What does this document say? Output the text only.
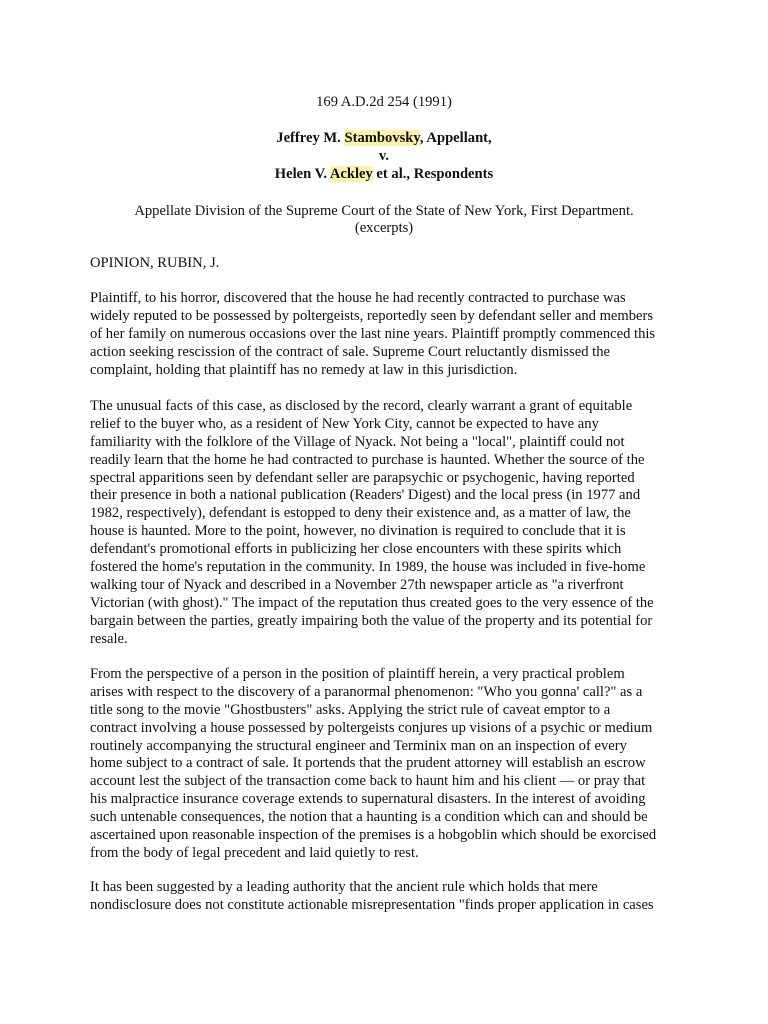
169 A.D.2d 254 (1991)
Jeffrey M. Stambovsky, Appellant,
v.
Helen V. Ackley et al., Respondents
Appellate Division of the Supreme Court of the State of New York, First Department.
(excerpts)
OPINION, RUBIN, J.
Plaintiff, to his horror, discovered that the house he had recently contracted to purchase was
widely reputed to be possessed by poltergeists, reportedly seen by defendant seller and members
of her family on numerous occasions over the last nine years. Plaintiff promptly commenced this
action seeking rescission of the contract of sale. Supreme Court reluctantly dismissed the
complaint, holding that plaintiff has no remedy at law in this jurisdiction.
The unusual facts of this case, as disclosed by the record, clearly warrant a grant of equitable
relief to the buyer who, as a resident of New York City, cannot be expected to have any
familiarity with the folklore of the Village of Nyack. Not being a "local", plaintiff could not
readily learn that the home he had contracted to purchase is haunted. Whether the source of the
spectral apparitions seen by defendant seller are parapsychic or psychogenic, having reported
their presence in both a national publication (Readers' Digest) and the local press (in 1977 and
1982, respectively), defendant is estopped to deny their existence and, as a matter of law, the
house is haunted. More to the point, however, no divination is required to conclude that it is
defendant's promotional efforts in publicizing her close encounters with these spirits which
fostered the home's reputation in the community. In 1989, the house was included in five-home
walking tour of Nyack and described in a November 27th newspaper article as "a riverfront
Victorian (with ghost)." The impact of the reputation thus created goes to the very essence of the
bargain between the parties, greatly impairing both the value of the property and its potential for
resale.
From the perspective of a person in the position of plaintiff herein, a very practical problem
arises with respect to the discovery of a paranormal phenomenon: "Who you gonna' call?" as a
title song to the movie "Ghostbusters" asks. Applying the strict rule of caveat emptor to a
contract involving a house possessed by poltergeists conjures up visions of a psychic or medium
routinely accompanying the structural engineer and Terminix man on an inspection of every
home subject to a contract of sale. It portends that the prudent attorney will establish an escrow
account lest the subject of the transaction come back to haunt him and his client — or pray that
his malpractice insurance coverage extends to supernatural disasters. In the interest of avoiding
such untenable consequences, the notion that a haunting is a condition which can and should be
ascertained upon reasonable inspection of the premises is a hobgoblin which should be exorcised
from the body of legal precedent and laid quietly to rest.
It has been suggested by a leading authority that the ancient rule which holds that mere
nondisclosure does not constitute actionable misrepresentation "finds proper application in cases
